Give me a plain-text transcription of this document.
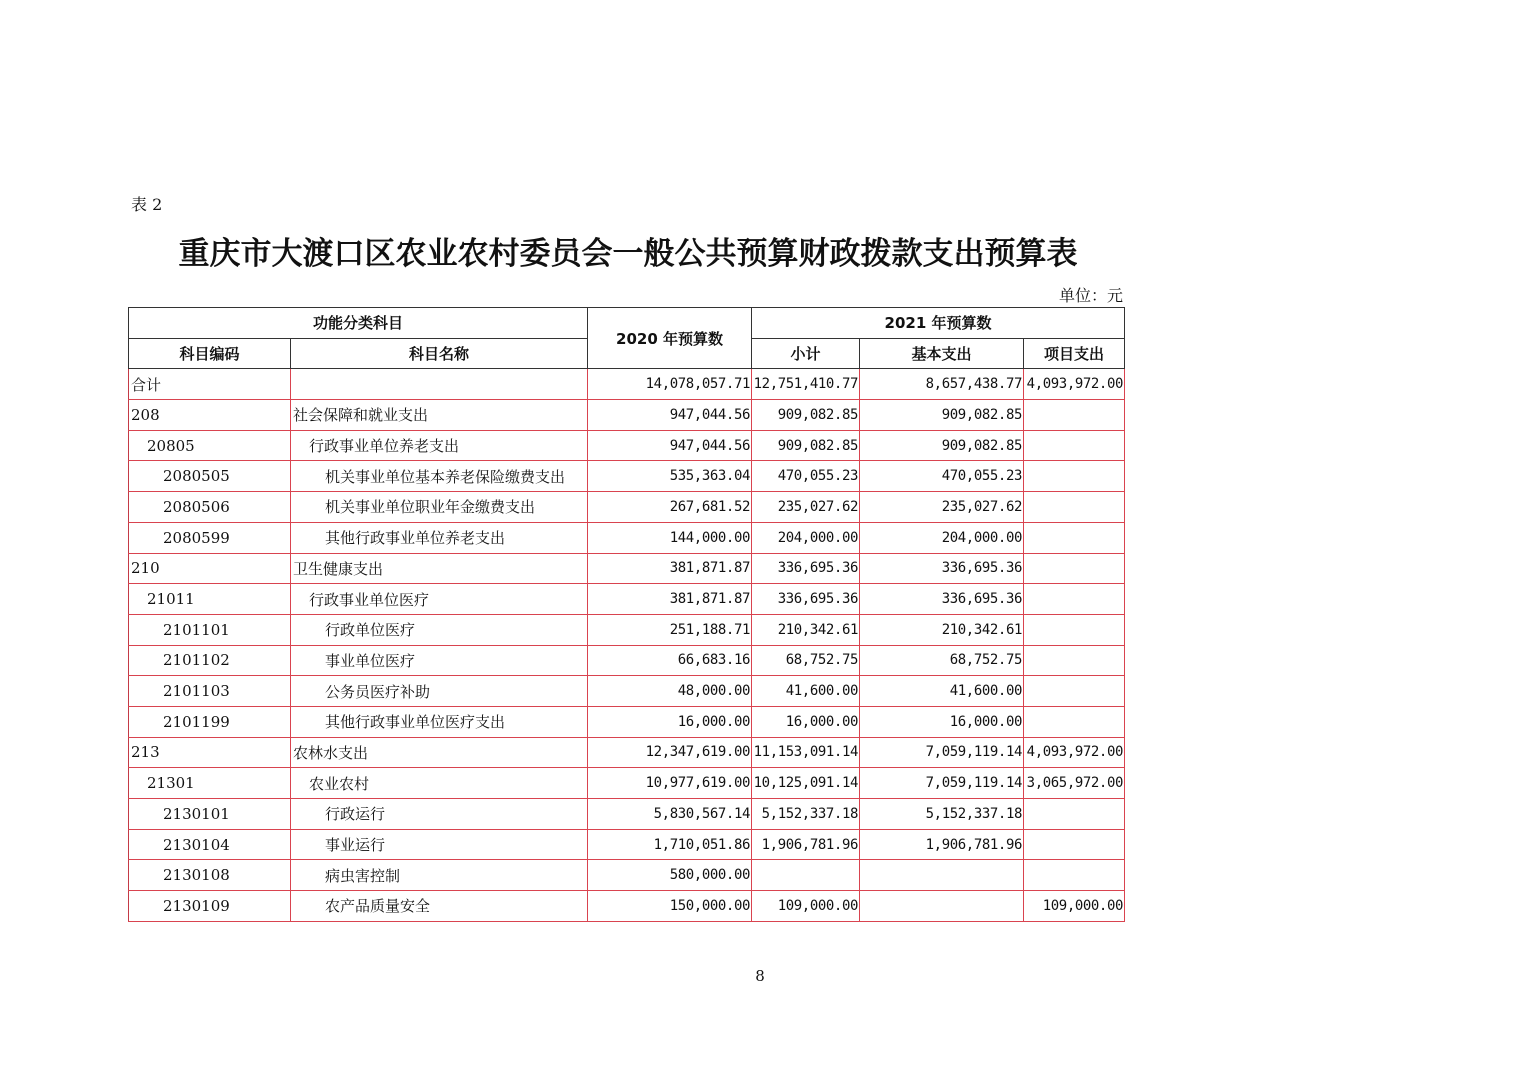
表 2
重庆市大渡口区农业农村委员会一般公共预算财政拨款支出预算表
单位：元
功能分类科目		2020 年预算数	2021 年预算数		
科目编码	科目名称		小计	基本支出	项目支出
合计		14,078,057.71	12,751,410.77	8,657,438.77	4,093,972.00
208	社会保障和就业支出	947,044.56	909,082.85	909,082.85	
20805	行政事业单位养老支出	947,044.56	909,082.85	909,082.85	
2080505	机关事业单位基本养老保险缴费支出	535,363.04	470,055.23	470,055.23	
2080506	机关事业单位职业年金缴费支出	267,681.52	235,027.62	235,027.62	
2080599	其他行政事业单位养老支出	144,000.00	204,000.00	204,000.00	
210	卫生健康支出	381,871.87	336,695.36	336,695.36	
21011	行政事业单位医疗	381,871.87	336,695.36	336,695.36	
2101101	行政单位医疗	251,188.71	210,342.61	210,342.61	
2101102	事业单位医疗	66,683.16	68,752.75	68,752.75	
2101103	公务员医疗补助	48,000.00	41,600.00	41,600.00	
2101199	其他行政事业单位医疗支出	16,000.00	16,000.00	16,000.00	
213	农林水支出	12,347,619.00	11,153,091.14	7,059,119.14	4,093,972.00
21301	农业农村	10,977,619.00	10,125,091.14	7,059,119.14	3,065,972.00
2130101	行政运行	5,830,567.14	5,152,337.18	5,152,337.18	
2130104	事业运行	1,710,051.86	1,906,781.96	1,906,781.96	
2130108	病虫害控制	580,000.00			
2130109	农产品质量安全	150,000.00	109,000.00		109,000.00
8
